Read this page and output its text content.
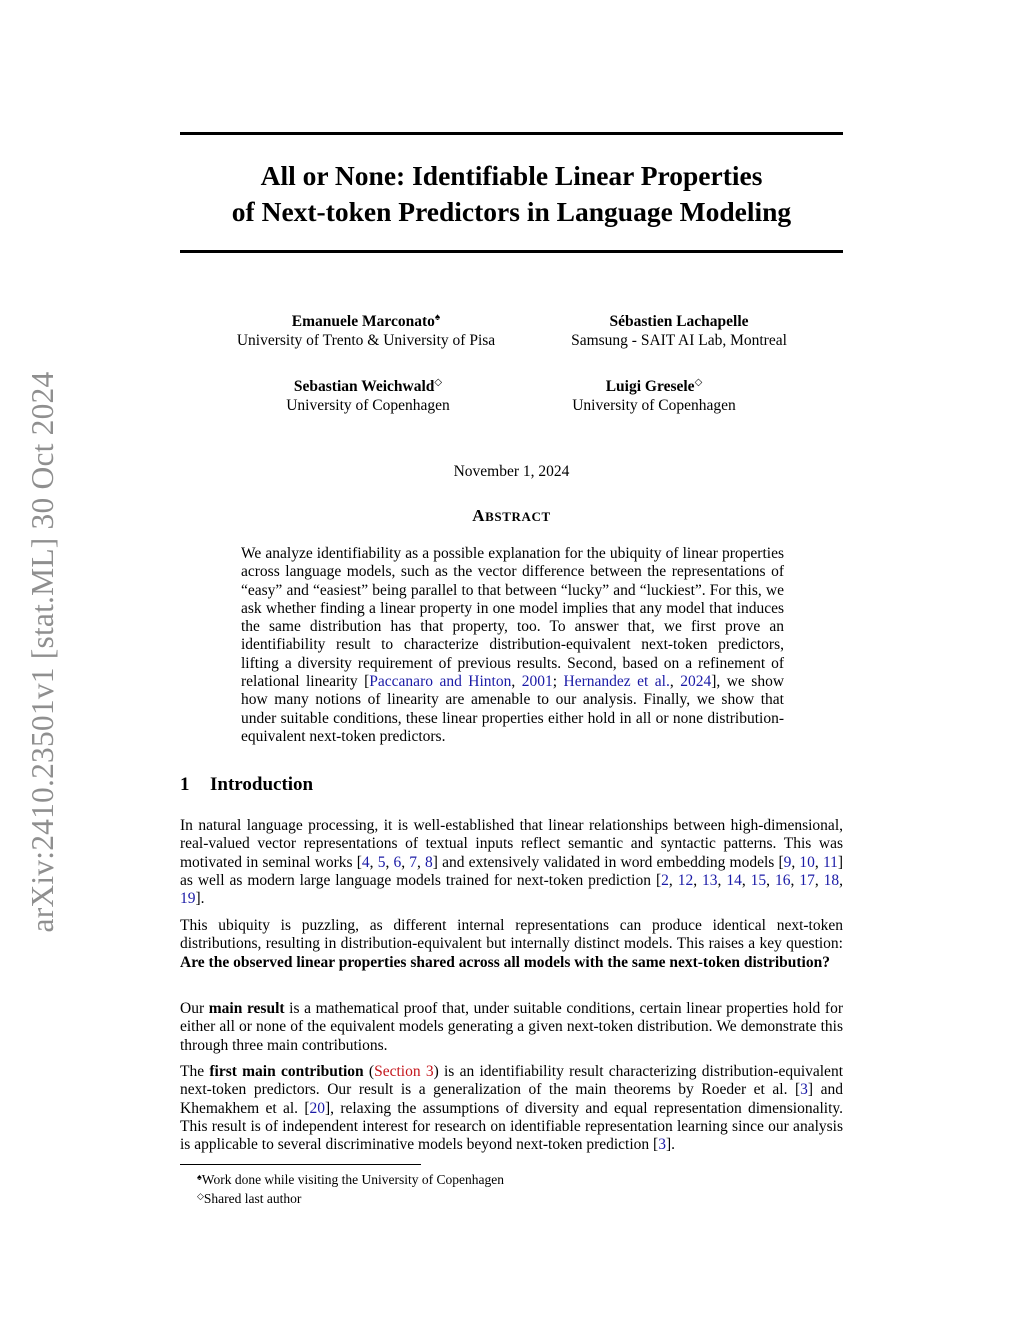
arXiv:2410.23501v1 [stat.ML] 30 Oct 2024
All or None: Identifiable Linear Properties
of Next-token Predictors in Language Modeling
Emanuele Marconato♠
University of Trento & University of Pisa
Sébastien Lachapelle
Samsung - SAIT AI Lab, Montreal
Sebastian Weichwald◇
University of Copenhagen
Luigi Gresele◇
University of Copenhagen
November 1, 2024
ABSTRACT

We analyze identifiability as a possible explanation for the ubiquity of linear properties across language models, such as the vector difference between the representations of “easy” and “easiest” being parallel to that between “lucky” and “luckiest”. For this, we ask whether finding a linear property in one model implies that any model that induces the same distribution has that property, too. To answer that, we first prove an identifiability result to characterize distribution-equivalent next-token predictors, lifting a diversity requirement of previous results. Second, based on a refinement of relational linearity [Paccanaro and Hinton, 2001; Hernandez et al., 2024], we show how many notions of linearity are amenable to our analysis. Finally, we show that under suitable conditions, these linear properties either hold in all or none distribution-equivalent next-token predictors.

1 Introduction

In natural language processing, it is well-established that linear relationships between high-dimensional, real-valued vector representations of textual inputs reflect semantic and syntactic patterns. This was motivated in seminal works [4, 5, 6, 7, 8] and extensively validated in word embedding models [9, 10, 11] as well as modern large language models trained for next-token prediction [2, 12, 13, 14, 15, 16, 17, 18, 19].

This ubiquity is puzzling, as different internal representations can produce identical next-token distributions, resulting in distribution-equivalent but internally distinct models. This raises a key question: Are the observed linear properties shared across all models with the same next-token distribution?

Our main result is a mathematical proof that, under suitable conditions, certain linear properties hold for either all or none of the equivalent models generating a given next-token distribution. We demonstrate this through three main contributions.

The first main contribution (Section 3) is an identifiability result characterizing distribution-equivalent next-token predictors. Our result is a generalization of the main theorems by Roeder et al. [3] and Khemakhem et al. [20], relaxing the assumptions of diversity and equal representation dimensionality. This result is of independent interest for research on identifiable representation learning since our analysis is applicable to several discriminative models beyond next-token prediction [3].

♠Work done while visiting the University of Copenhagen
◇Shared last author
